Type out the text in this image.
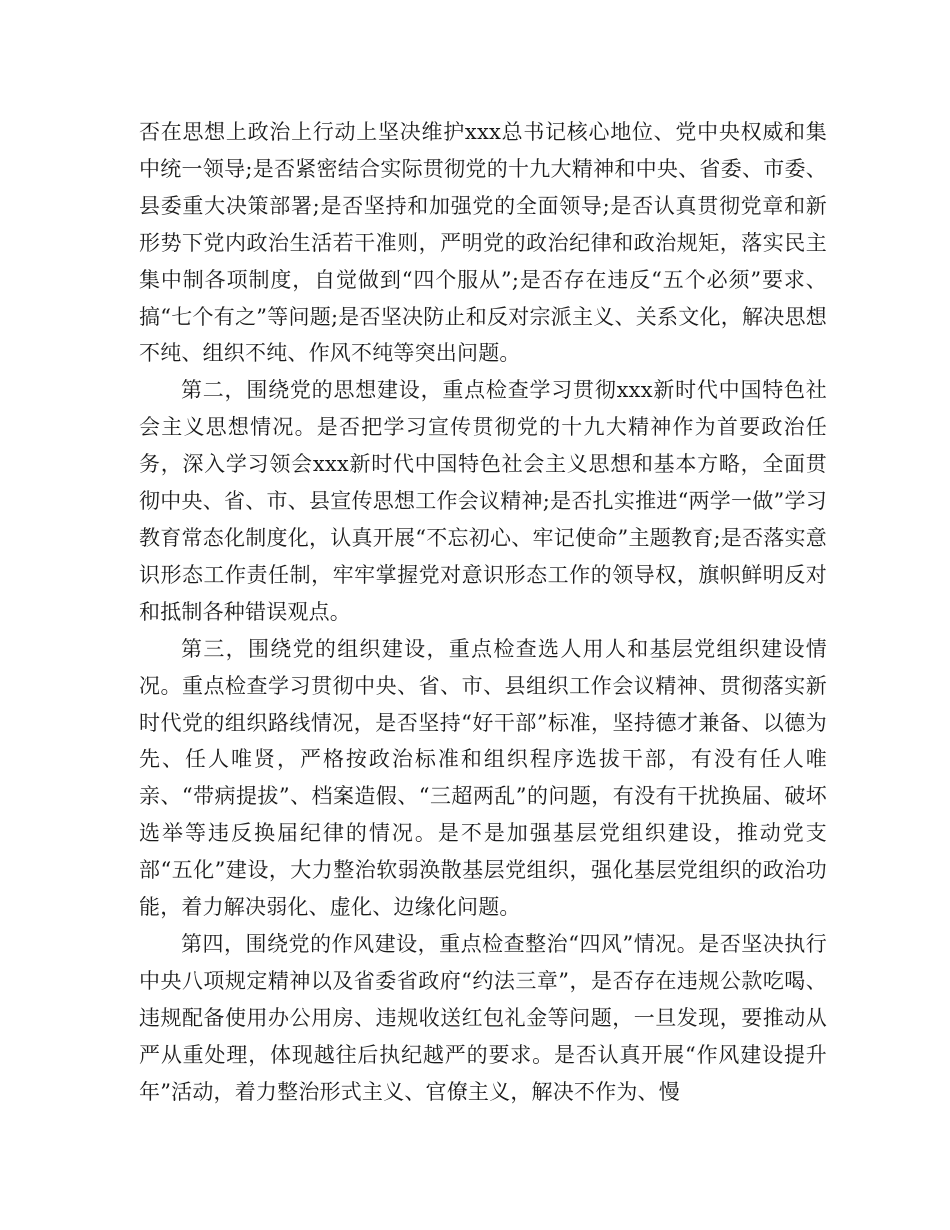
否在思想上政治上行动上坚决维护xxx总书记核心地位、党中央权威和集中统一领导;是否紧密结合实际贯彻党的十九大精神和中央、省委、市委、县委重大决策部署;是否坚持和加强党的全面领导;是否认真贯彻党章和新形势下党内政治生活若干准则，严明党的政治纪律和政治规矩，落实民主集中制各项制度，自觉做到“四个服从”;是否存在违反“五个必须”要求、搞“七个有之”等问题;是否坚决防止和反对宗派主义、关系文化，解决思想不纯、组织不纯、作风不纯等突出问题。

第二，围绕党的思想建设，重点检查学习贯彻xxx新时代中国特色社会主义思想情况。是否把学习宣传贯彻党的十九大精神作为首要政治任务，深入学习领会xxx新时代中国特色社会主义思想和基本方略，全面贯彻中央、省、市、县宣传思想工作会议精神;是否扎实推进“两学一做”学习教育常态化制度化，认真开展“不忘初心、牢记使命”主题教育;是否落实意识形态工作责任制，牢牢掌握党对意识形态工作的领导权，旗帜鲜明反对和抵制各种错误观点。

第三，围绕党的组织建设，重点检查选人用人和基层党组织建设情况。重点检查学习贯彻中央、省、市、县组织工作会议精神、贯彻落实新时代党的组织路线情况，是否坚持“好干部”标准，坚持德才兼备、以德为先、任人唯贤，严格按政治标准和组织程序选拔干部，有没有任人唯亲、“带病提拔”、档案造假、“三超两乱”的问题，有没有干扰换届、破坏选举等违反换届纪律的情况。是不是加强基层党组织建设，推动党支部“五化”建设，大力整治软弱涣散基层党组织，强化基层党组织的政治功能，着力解决弱化、虚化、边缘化问题。

第四，围绕党的作风建设，重点检查整治“四风”情况。是否坚决执行中央八项规定精神以及省委省政府“约法三章”，是否存在违规公款吃喝、违规配备使用办公用房、违规收送红包礼金等问题，一旦发现，要推动从严从重处理，体现越往后执纪越严的要求。是否认真开展“作风建设提升年”活动，着力整治形式主义、官僚主义，解决不作为、慢
